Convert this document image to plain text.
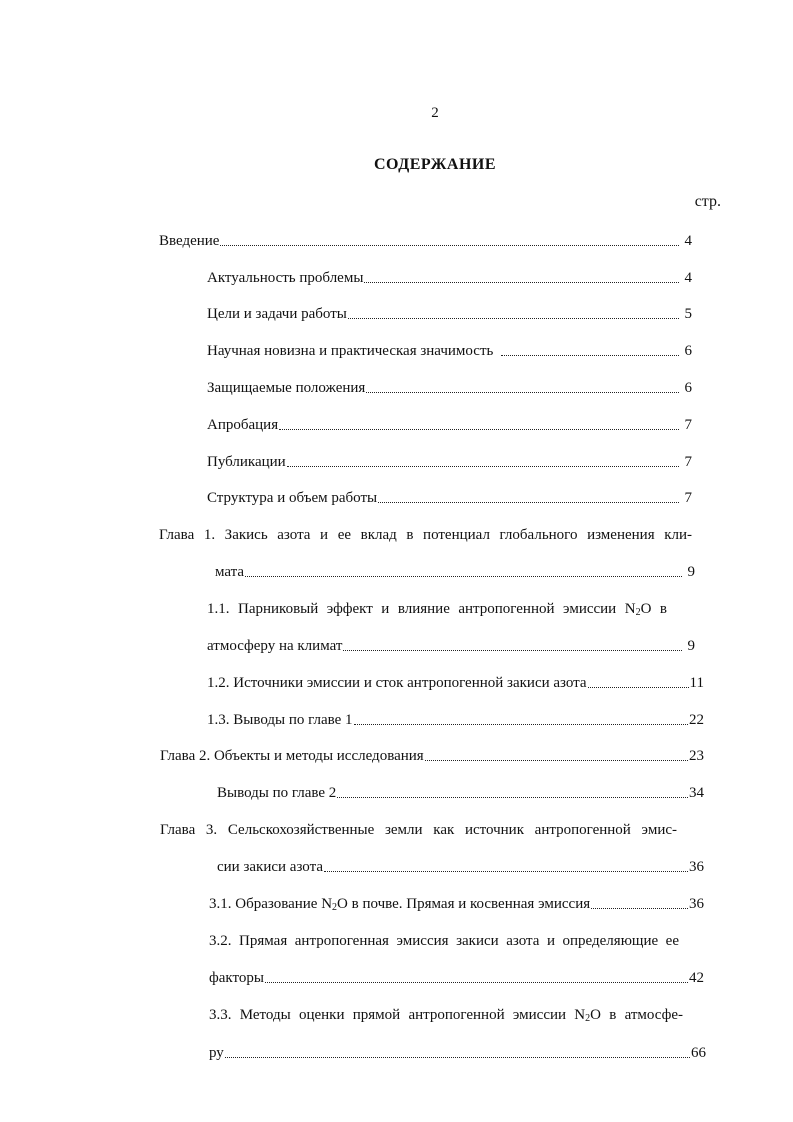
2
СОДЕРЖАНИЕ
стр.
Введение	4
Актуальность проблемы	4
Цели и задачи работы	5
Научная новизна и практическая значимость	6
Защищаемые положения	6
Апробация	7
Публикации	7
Структура и объем работы	7
Глава 1. Закись азота и ее вклад в потенциал глобального изменения кли-
мата	9
1.1. Парниковый эффект и влияние антропогенной эмиссии $N_2O$ в
атмосферу на климат	9
1.2. Источники эмиссии и сток антропогенной закиси азота	11
1.3. Выводы по главе 1	22
Глава 2. Объекты и методы исследования	23
Выводы по главе 2	34
Глава 3. Сельскохозяйственные земли как источник антропогенной эмис-
сии закиси азота	36
3.1. Образование $N_2O$ в почве. Прямая и косвенная эмиссия	36
3.2. Прямая антропогенная эмиссия закиси азота и определяющие ее
факторы	42
3.3. Методы оценки прямой антропогенной эмиссии $N_2O$ в атмосфе-
ру	66
